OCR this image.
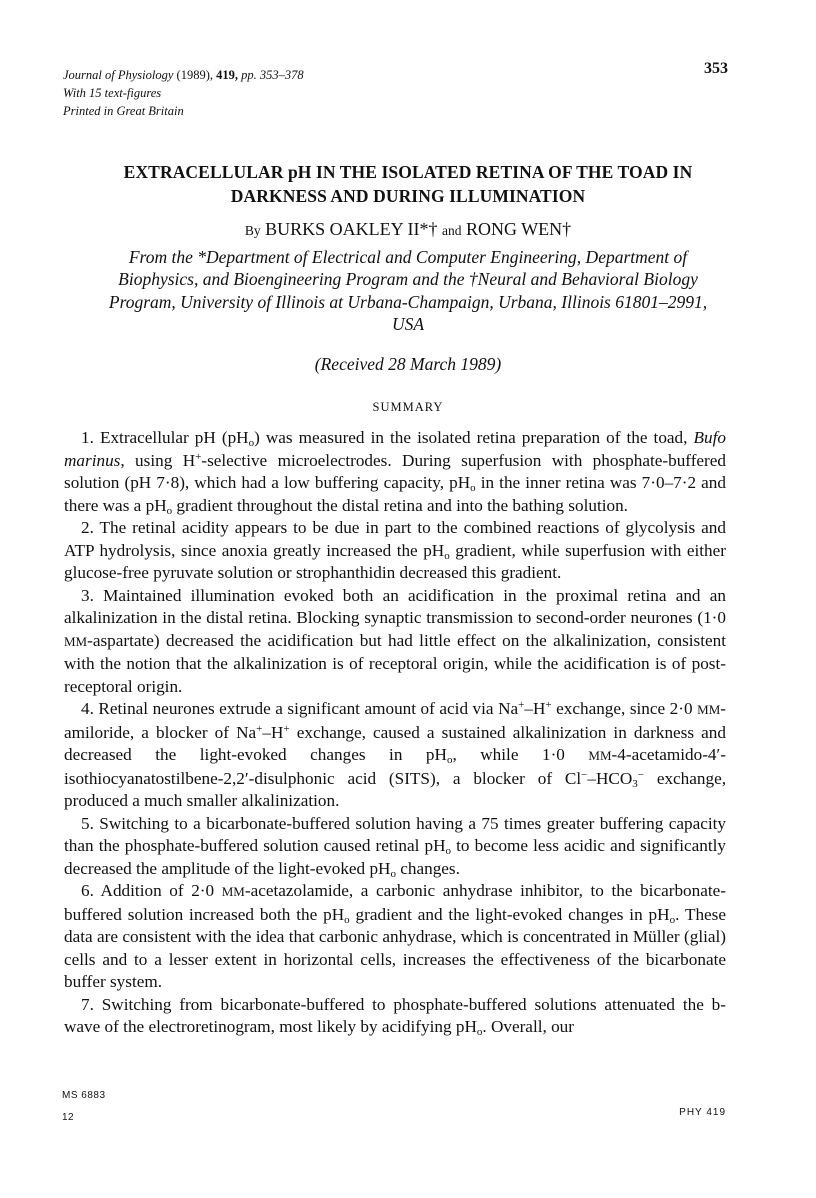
Journal of Physiology (1989), 419, pp. 353–378
With 15 text-figures
Printed in Great Britain
353
EXTRACELLULAR pH IN THE ISOLATED RETINA OF THE TOAD IN
DARKNESS AND DURING ILLUMINATION
By BURKS OAKLEY II*† and RONG WEN†
From the *Department of Electrical and Computer Engineering, Department of
Biophysics, and Bioengineering Program and the †Neural and Behavioral Biology
Program, University of Illinois at Urbana-Champaign, Urbana, Illinois 61801–2991,
USA
(Received 28 March 1989)
SUMMARY

1. Extracellular pH $(pH_o)$ was measured in the isolated retina preparation of the toad, Bufo marinus, using H+-selective microelectrodes. During superfusion with phosphate-buffered solution (pH 7·8), which had a low buffering capacity, $pH_o$ in the inner retina was 7·0–7·2 and there was a $pH_o$ gradient throughout the distal retina and into the bathing solution.

2. The retinal acidity appears to be due in part to the combined reactions of glycolysis and ATP hydrolysis, since anoxia greatly increased the $pH_o$ gradient, while superfusion with either glucose-free pyruvate solution or strophanthidin decreased this gradient.

3. Maintained illumination evoked both an acidification in the proximal retina and an alkalinization in the distal retina. Blocking synaptic transmission to second-order neurones (1·0 MM-aspartate) decreased the acidification but had little effect on the alkalinization, consistent with the notion that the alkalinization is of receptoral origin, while the acidification is of post-receptoral origin.

4. Retinal neurones extrude a significant amount of acid via Na+–H+ exchange, since 2·0 MM-amiloride, a blocker of Na+–H+ exchange, caused a sustained alkalinization in darkness and decreased the light-evoked changes in $pH_o$, while 1·0 MM-4-acetamido-4′-isothiocyanatostilbene-2,2′-disulphonic acid (SITS), a blocker of $Cl^--HCO_3^-$ exchange, produced a much smaller alkalinization.

5. Switching to a bicarbonate-buffered solution having a 75 times greater buffering capacity than the phosphate-buffered solution caused retinal $pH_o$ to become less acidic and significantly decreased the amplitude of the light-evoked $pH_o$ changes.

6. Addition of 2·0 MM-acetazolamide, a carbonic anhydrase inhibitor, to the bicarbonate-buffered solution increased both the $pH_o$ gradient and the light-evoked changes in $pH_o$. These data are consistent with the idea that carbonic anhydrase, which is concentrated in Müller (glial) cells and to a lesser extent in horizontal cells, increases the effectiveness of the bicarbonate buffer system.

7. Switching from bicarbonate-buffered to phosphate-buffered solutions attenuated the b-wave of the electroretinogram, most likely by acidifying $pH_o$. Overall, our

MS 6883
12	PHY 419
